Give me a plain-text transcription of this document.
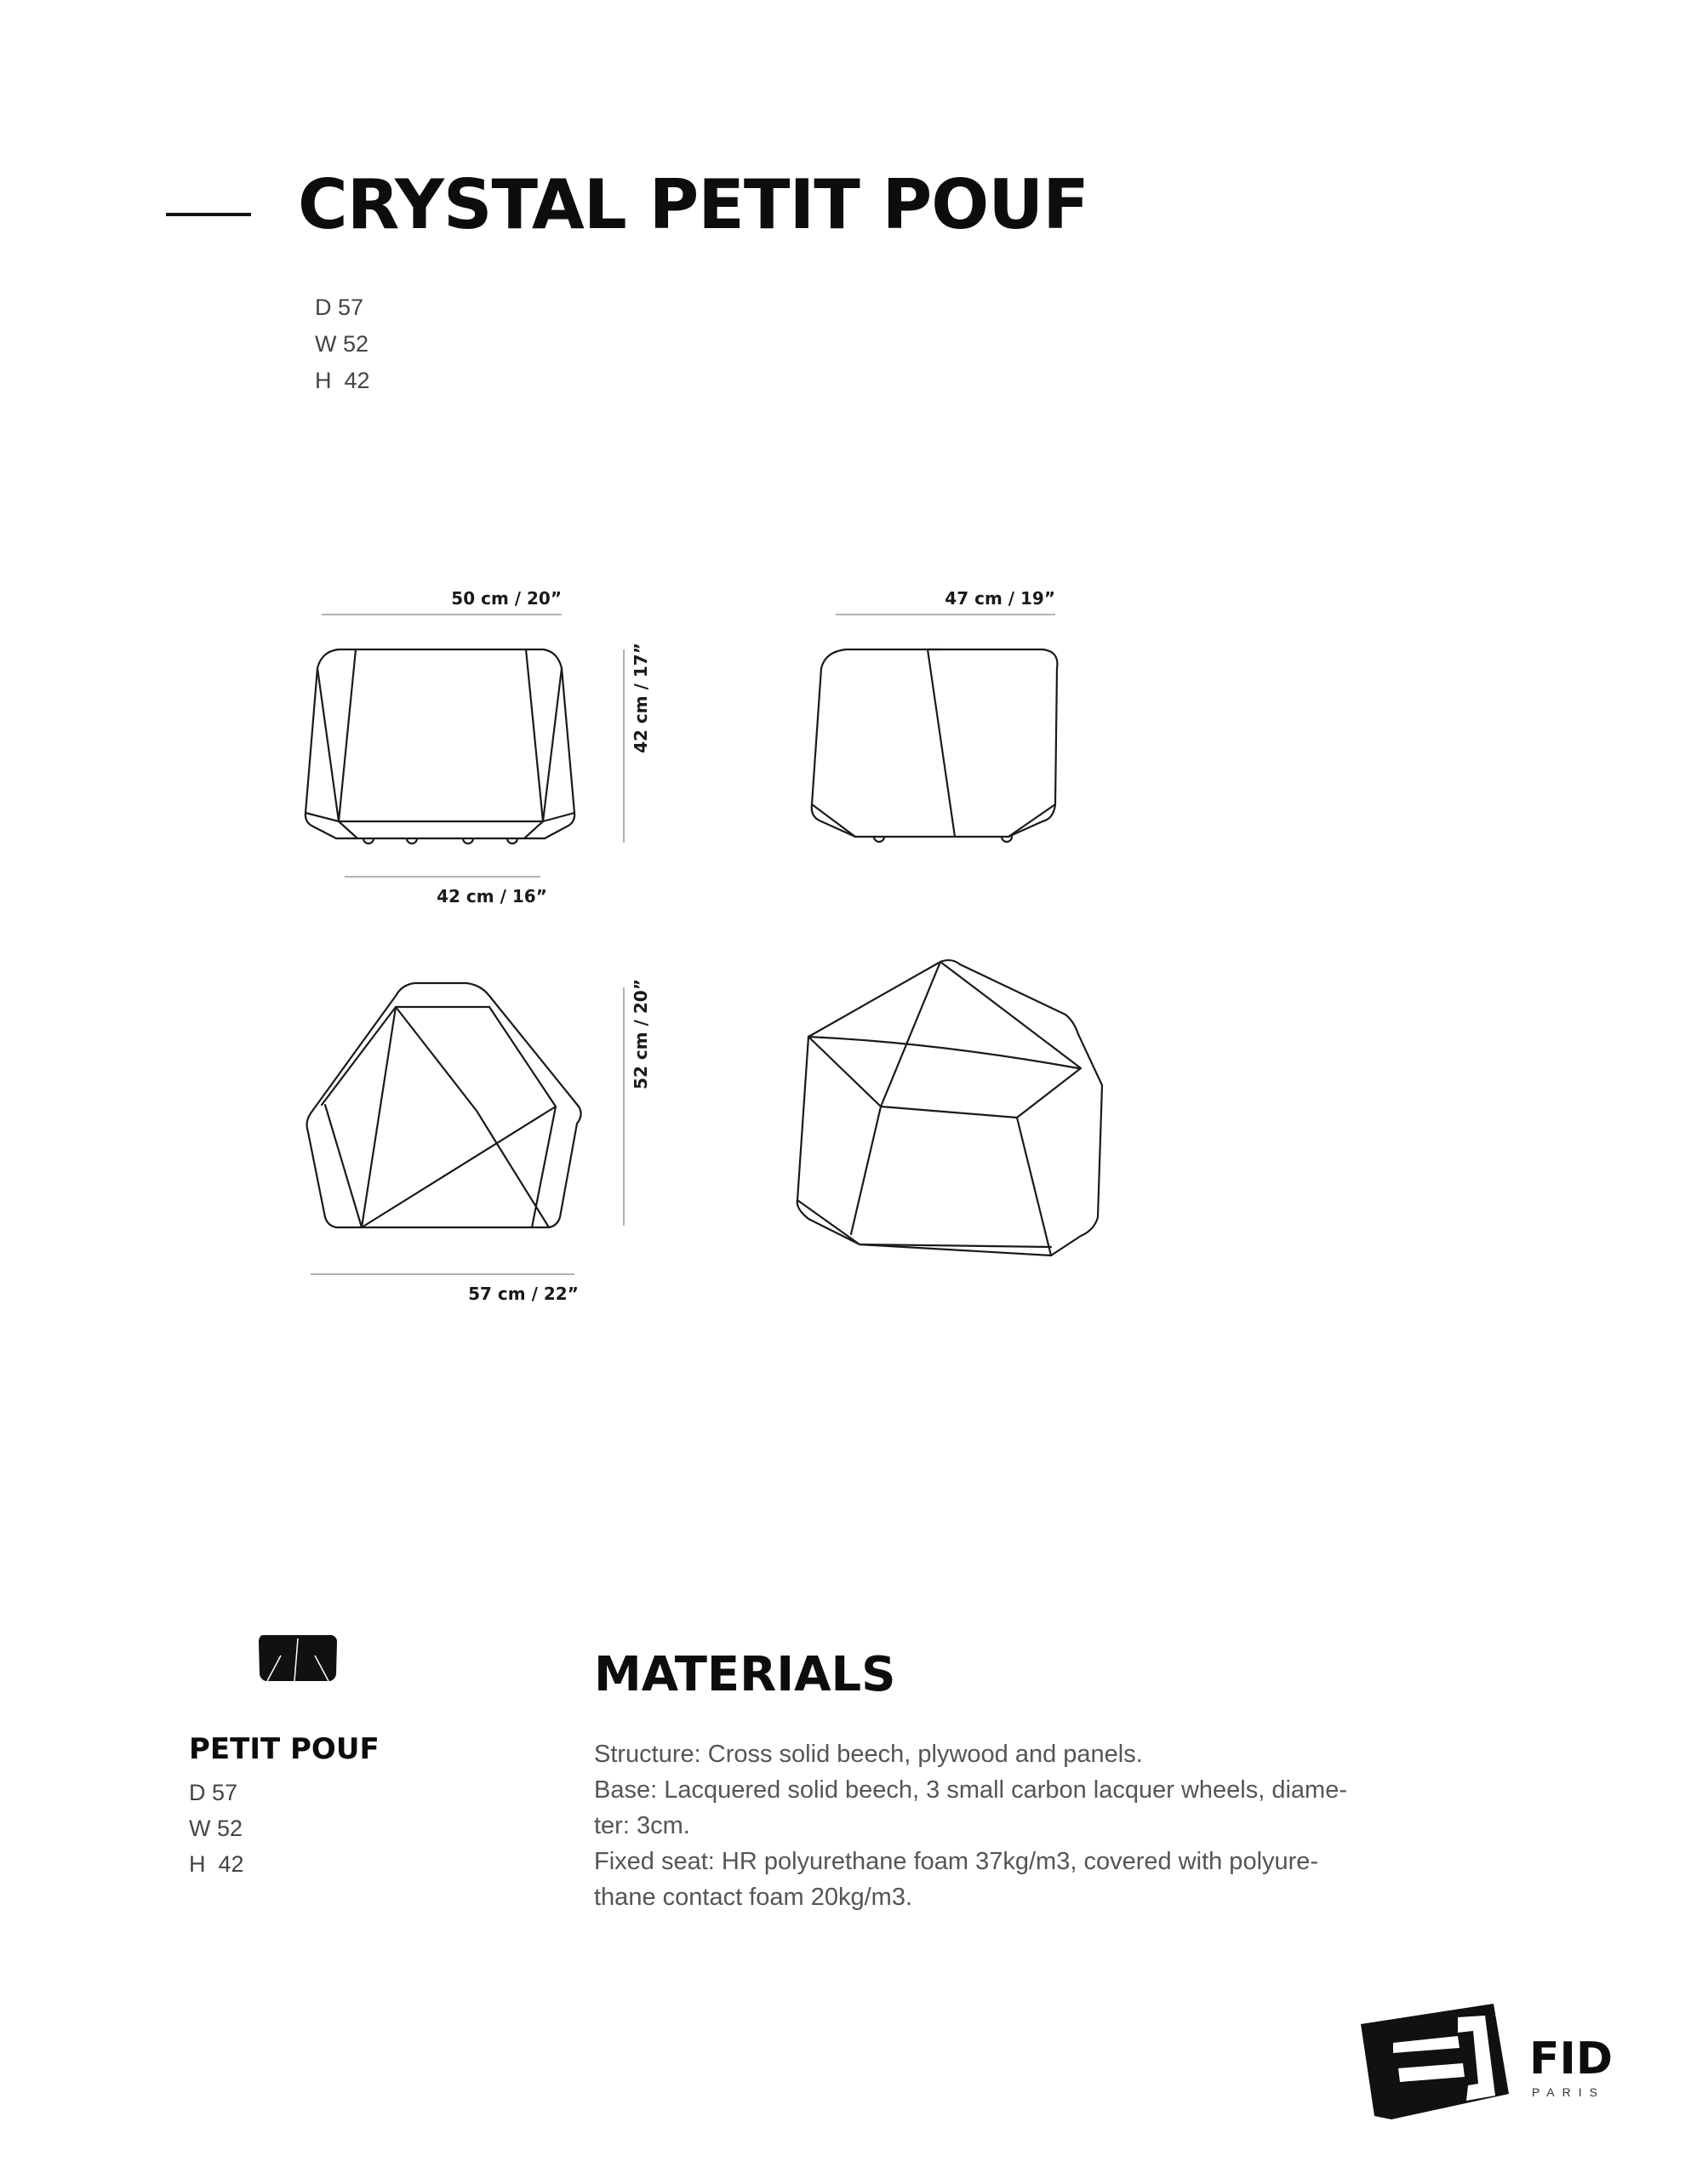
CRYSTAL PETIT POUF
D 57
W 52
H  42
50 cm / 20”
42 cm / 16”
42 cm / 17”
47 cm / 19”
52 cm / 20”
57 cm / 22”
PETIT POUF
D 57
W 52
H  42
MATERIALS
Structure: Cross solid beech, plywood and panels.
Base: Lacquered solid beech, 3 small carbon lacquer wheels, diame-
ter: 3cm.
Fixed seat: HR polyurethane foam 37kg/m3, covered with polyure-
thane contact foam 20kg/m3.

FID

PARIS
